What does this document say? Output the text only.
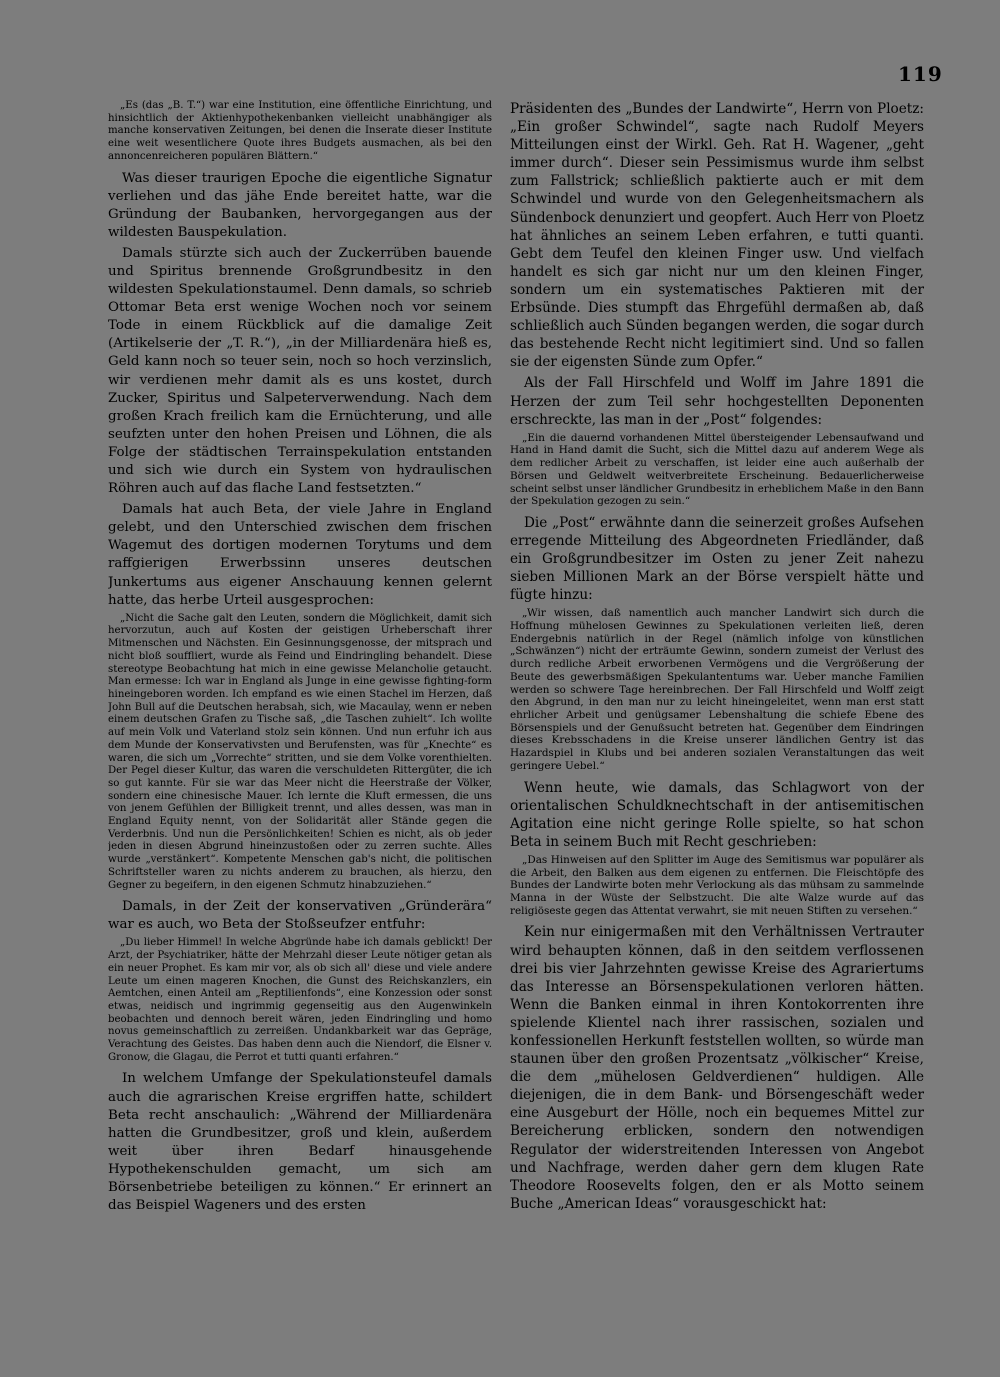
119

„Es (das „B. T.“) war eine Institution, eine öffentliche Einrichtung, und hinsichtlich der Aktienhypothekenbanken vielleicht unabhängiger als manche konservativen Zeitungen, bei denen die Inserate dieser Institute eine weit wesentlichere Quote ihres Budgets ausmachen, als bei den annoncenreicheren populären Blättern.“

Was dieser traurigen Epoche die eigentliche Signatur verliehen und das jähe Ende bereitet hatte, war die Gründung der Baubanken, hervorgegangen aus der wildesten Bauspekulation.

Damals stürzte sich auch der Zuckerrüben bauende und Spiritus brennende Großgrundbesitz in den wildesten Spekulationstaumel. Denn damals, so schrieb Ottomar Beta erst wenige Wochen noch vor seinem Tode in einem Rückblick auf die damalige Zeit (Artikelserie der „T. R.“), „in der Milliardenära hieß es, Geld kann noch so teuer sein, noch so hoch verzinslich, wir verdienen mehr damit als es uns kostet, durch Zucker, Spiritus und Salpeterverwendung. Nach dem großen Krach freilich kam die Ernüchterung, und alle seufzten unter den hohen Preisen und Löhnen, die als Folge der städtischen Terrainspekulation entstanden und sich wie durch ein System von hydraulischen Röhren auch auf das flache Land festsetzten.“

Damals hat auch Beta, der viele Jahre in England gelebt, und den Unterschied zwischen dem frischen Wagemut des dortigen modernen Torytums und dem raffgierigen Erwerbssinn unseres deutschen Junkertums aus eigener Anschauung kennen gelernt hatte, das herbe Urteil ausgesprochen:

„Nicht die Sache galt den Leuten, sondern die Möglichkeit, damit sich hervorzutun, auch auf Kosten der geistigen Urheberschaft ihrer Mitmenschen und Nächsten. Ein Gesinnungsgenosse, der mitsprach und nicht bloß souffliert, wurde als Feind und Eindringling behandelt. Diese stereotype Beobachtung hat mich in eine gewisse Melancholie getaucht. Man ermesse: Ich war in England als Junge in eine gewisse fighting-form hineingeboren worden. Ich empfand es wie einen Stachel im Herzen, daß John Bull auf die Deutschen herabsah, sich, wie Macaulay, wenn er neben einem deutschen Grafen zu Tische saß, „die Taschen zuhielt“. Ich wollte auf mein Volk und Vaterland stolz sein können. Und nun erfuhr ich aus dem Munde der Konservativsten und Berufensten, was für „Knechte“ es waren, die sich um „Vorrechte“ stritten, und sie dem Volke vorenthielten. Der Pegel dieser Kultur, das waren die verschuldeten Rittergüter, die ich so gut kannte. Für sie war das Meer nicht die Heerstraße der Völker, sondern eine chinesische Mauer. Ich lernte die Kluft ermessen, die uns von jenem Gefühlen der Billigkeit trennt, und alles dessen, was man in England Equity nennt, von der Solidarität aller Stände gegen die Verderbnis. Und nun die Persönlichkeiten! Schien es nicht, als ob jeder jeden in diesen Abgrund hineinzustoßen oder zu zerren suchte. Alles wurde „verstänkert“. Kompetente Menschen gab's nicht, die politischen Schriftsteller waren zu nichts anderem zu brauchen, als hierzu, den Gegner zu begeifern, in den eigenen Schmutz hinabzuziehen.“

Damals, in der Zeit der konservativen „Gründerära“ war es auch, wo Beta der Stoßseufzer entfuhr:

„Du lieber Himmel! In welche Abgründe habe ich damals geblickt! Der Arzt, der Psychiatriker, hätte der Mehrzahl dieser Leute nötiger getan als ein neuer Prophet. Es kam mir vor, als ob sich all' diese und viele andere Leute um einen mageren Knochen, die Gunst des Reichskanzlers, ein Aemtchen, einen Anteil am „Reptilienfonds“, eine Konzession oder sonst etwas, neidisch und ingrimmig gegenseitig aus den Augenwinkeln beobachten und dennoch bereit wären, jeden Eindringling und homo novus gemeinschaftlich zu zerreißen. Undankbarkeit war das Gepräge, Verachtung des Geistes. Das haben denn auch die Niendorf, die Elsner v. Gronow, die Glagau, die Perrot et tutti quanti erfahren.“

In welchem Umfange der Spekulationsteufel damals auch die agrarischen Kreise ergriffen hatte, schildert Beta recht anschaulich: „Während der Milliardenära hatten die Grundbesitzer, groß und klein, außerdem weit über ihren Bedarf hinausgehende Hypothekenschulden gemacht, um sich am Börsenbetriebe beteiligen zu können.“ Er erinnert an das Beispiel Wageners und des ersten

Präsidenten des „Bundes der Landwirte“, Herrn von Ploetz: „Ein großer Schwindel“, sagte nach Rudolf Meyers Mitteilungen einst der Wirkl. Geh. Rat H. Wagener, „geht immer durch“. Dieser sein Pessimismus wurde ihm selbst zum Fallstrick; schließlich paktierte auch er mit dem Schwindel und wurde von den Gelegenheitsmachern als Sündenbock denunziert und geopfert. Auch Herr von Ploetz hat ähnliches an seinem Leben erfahren, e tutti quanti. Gebt dem Teufel den kleinen Finger usw. Und vielfach handelt es sich gar nicht nur um den kleinen Finger, sondern um ein systematisches Paktieren mit der Erbsünde. Dies stumpft das Ehrgefühl dermaßen ab, daß schließlich auch Sünden begangen werden, die sogar durch das bestehende Recht nicht legitimiert sind. Und so fallen sie der eigensten Sünde zum Opfer.“

Als der Fall Hirschfeld und Wolff im Jahre 1891 die Herzen der zum Teil sehr hochgestellten Deponenten erschreckte, las man in der „Post“ folgendes:

„Ein die dauernd vorhandenen Mittel übersteigender Lebensaufwand und Hand in Hand damit die Sucht, sich die Mittel dazu auf anderem Wege als dem redlicher Arbeit zu verschaffen, ist leider eine auch außerhalb der Börsen und Geldwelt weitverbreitete Erscheinung. Bedauerlicherweise scheint selbst unser ländlicher Grundbesitz in erheblichem Maße in den Bann der Spekulation gezogen zu sein.“

Die „Post“ erwähnte dann die seinerzeit großes Aufsehen erregende Mitteilung des Abgeordneten Friedländer, daß ein Großgrundbesitzer im Osten zu jener Zeit nahezu sieben Millionen Mark an der Börse verspielt hätte und fügte hinzu:

„Wir wissen, daß namentlich auch mancher Landwirt sich durch die Hoffnung mühelosen Gewinnes zu Spekulationen verleiten ließ, deren Endergebnis natürlich in der Regel (nämlich infolge von künstlichen „Schwänzen“) nicht der erträumte Gewinn, sondern zumeist der Verlust des durch redliche Arbeit erworbenen Vermögens und die Vergrößerung der Beute des gewerbsmäßigen Spekulantentums war. Ueber manche Familien werden so schwere Tage hereinbrechen. Der Fall Hirschfeld und Wolff zeigt den Abgrund, in den man nur zu leicht hineingeleitet, wenn man erst statt ehrlicher Arbeit und genügsamer Lebenshaltung die schiefe Ebene des Börsenspiels und der Genußsucht betreten hat. Gegenüber dem Eindringen dieses Krebsschadens in die Kreise unserer ländlichen Gentry ist das Hazardspiel in Klubs und bei anderen sozialen Veranstaltungen das weit geringere Uebel.“

Wenn heute, wie damals, das Schlagwort von der orientalischen Schuldknechtschaft in der antisemitischen Agitation eine nicht geringe Rolle spielte, so hat schon Beta in seinem Buch mit Recht geschrieben:

„Das Hinweisen auf den Splitter im Auge des Semitismus war populärer als die Arbeit, den Balken aus dem eigenen zu entfernen. Die Fleischtöpfe des Bundes der Landwirte boten mehr Verlockung als das mühsam zu sammelnde Manna in der Wüste der Selbstzucht. Die alte Walze wurde auf das religiöseste gegen das Attentat verwahrt, sie mit neuen Stiften zu versehen.“

Kein nur einigermaßen mit den Verhältnissen Vertrauter wird behaupten können, daß in den seitdem verflossenen drei bis vier Jahrzehnten gewisse Kreise des Agrariertums das Interesse an Börsenspekulationen verloren hätten. Wenn die Banken einmal in ihren Kontokorrenten ihre spielende Klientel nach ihrer rassischen, sozialen und konfessionellen Herkunft feststellen wollten, so würde man staunen über den großen Prozentsatz „völkischer“ Kreise, die dem „mühelosen Geldverdienen“ huldigen. Alle diejenigen, die in dem Bank- und Börsengeschäft weder eine Ausgeburt der Hölle, noch ein bequemes Mittel zur Bereicherung erblicken, sondern den notwendigen Regulator der widerstreitenden Interessen von Angebot und Nachfrage, werden daher gern dem klugen Rate Theodore Roosevelts folgen, den er als Motto seinem Buche „American Ideas“ vorausgeschickt hat:
